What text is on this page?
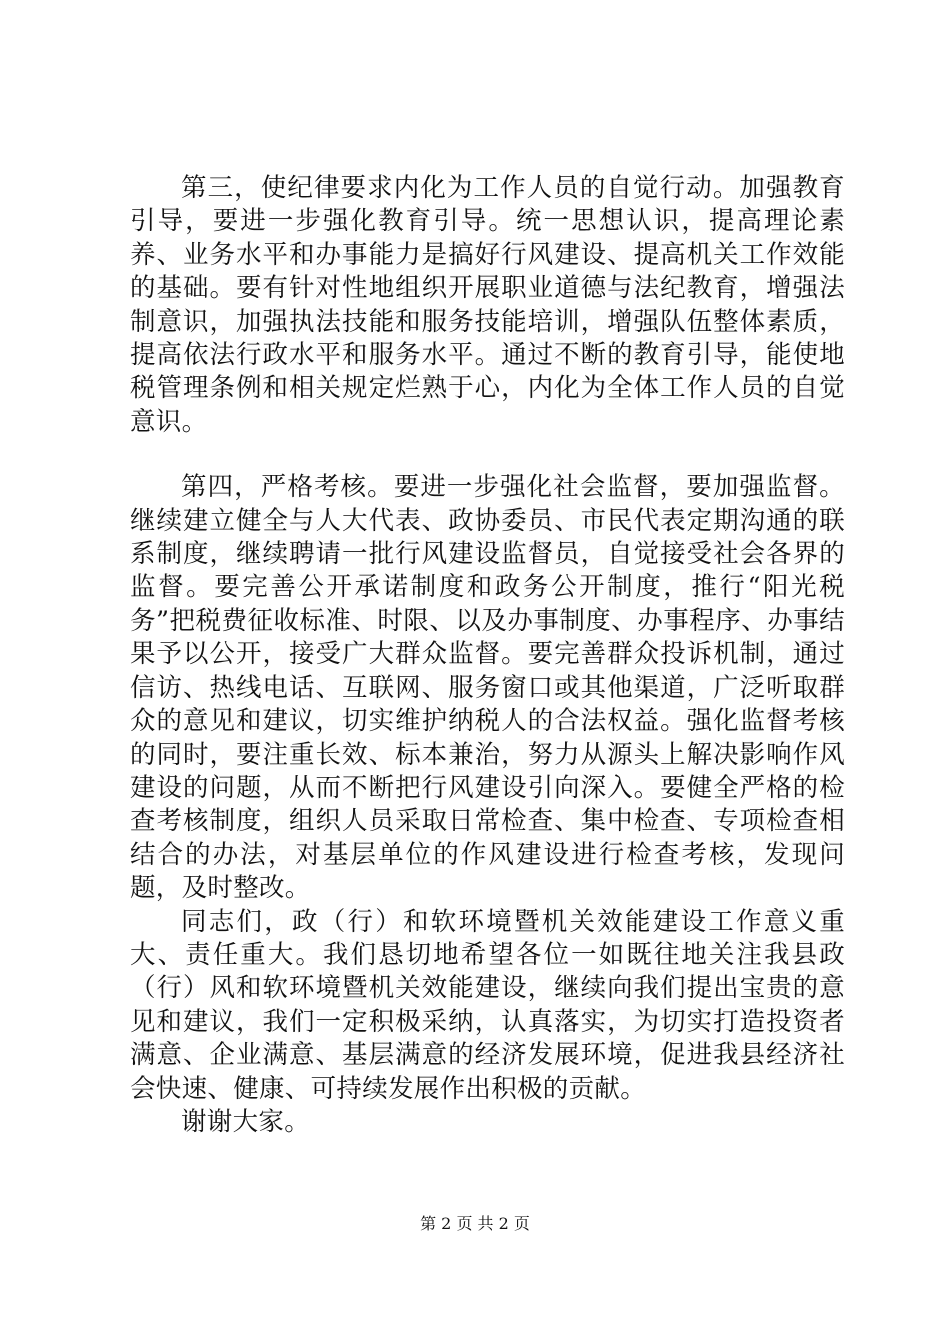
第三，使纪律要求内化为工作人员的自觉行动。加强教育引导，要进一步强化教育引导。统一思想认识，提高理论素养、业务水平和办事能力是搞好行风建设、提高机关工作效能的基础。要有针对性地组织开展职业道德与法纪教育，增强法制意识，加强执法技能和服务技能培训，增强队伍整体素质，提高依法行政水平和服务水平。通过不断的教育引导，能使地税管理条例和相关规定烂熟于心，内化为全体工作人员的自觉意识。

第四，严格考核。要进一步强化社会监督，要加强监督。继续建立健全与人大代表、政协委员、市民代表定期沟通的联系制度，继续聘请一批行风建设监督员，自觉接受社会各界的监督。要完善公开承诺制度和政务公开制度，推行“阳光税务”把税费征收标准、时限、以及办事制度、办事程序、办事结果予以公开，接受广大群众监督。要完善群众投诉机制，通过信访、热线电话、互联网、服务窗口或其他渠道，广泛听取群众的意见和建议，切实维护纳税人的合法权益。强化监督考核的同时，要注重长效、标本兼治，努力从源头上解决影响作风建设的问题，从而不断把行风建设引向深入。要健全严格的检查考核制度，组织人员采取日常检查、集中检查、专项检查相结合的办法，对基层单位的作风建设进行检查考核，发现问题，及时整改。

同志们，政（行）和软环境暨机关效能建设工作意义重大、责任重大。我们恳切地希望各位一如既往地关注我县政（行）风和软环境暨机关效能建设，继续向我们提出宝贵的意见和建议，我们一定积极采纳，认真落实，为切实打造投资者满意、企业满意、基层满意的经济发展环境，促进我县经济社会快速、健康、可持续发展作出积极的贡献。

谢谢大家。

第 2 页 共 2 页
